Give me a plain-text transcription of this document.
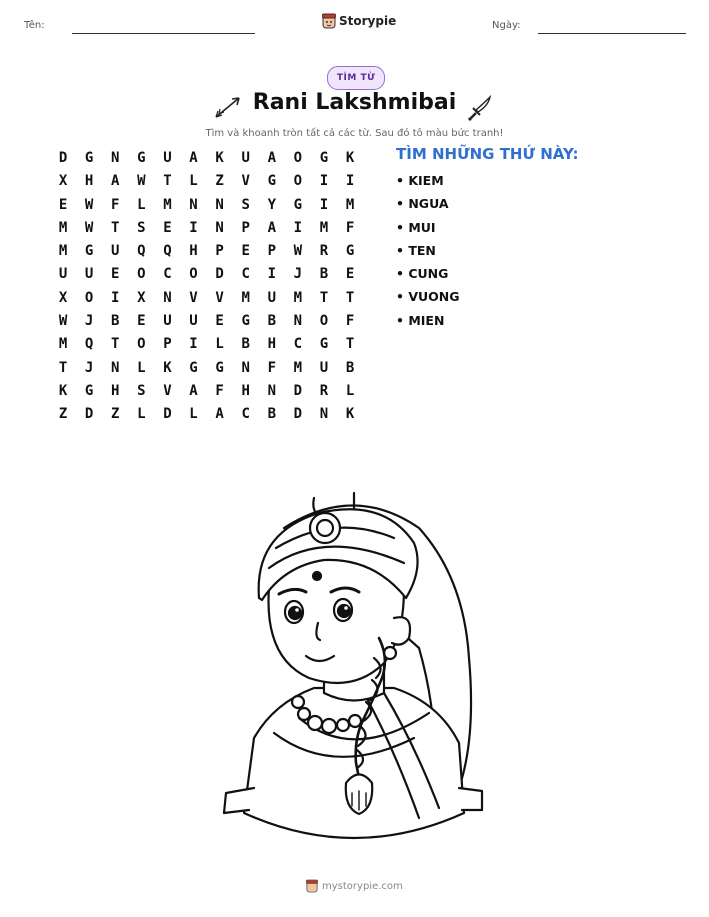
Tên:	Storypie	Ngày:
TÌM TỪ
Rani Lakshmibai
Tìm và khoanh tròn tất cả các từ. Sau đó tô màu bức tranh!
D	G	N	G	U	A	K	U	A	O	G	K
X	H	A	W	T	L	Z	V	G	O	I	I
E	W	F	L	M	N	N	S	Y	G	I	M
M	W	T	S	E	I	N	P	A	I	M	F
M	G	U	Q	Q	H	P	E	P	W	R	G
U	U	E	O	C	O	D	C	I	J	B	E
X	O	I	X	N	V	V	M	U	M	T	T
W	J	B	E	U	U	E	G	B	N	O	F
M	Q	T	O	P	I	L	B	H	C	G	T
T	J	N	L	K	G	G	N	F	M	U	B
K	G	H	S	V	A	F	H	N	D	R	L
Z	D	Z	L	D	L	A	C	B	D	N	K
TÌM NHỮNG THỨ NÀY:
• KIEM
• NGUA
• MUI
• TEN
• CUNG
• VUONG
• MIEN
mystorypie.com
